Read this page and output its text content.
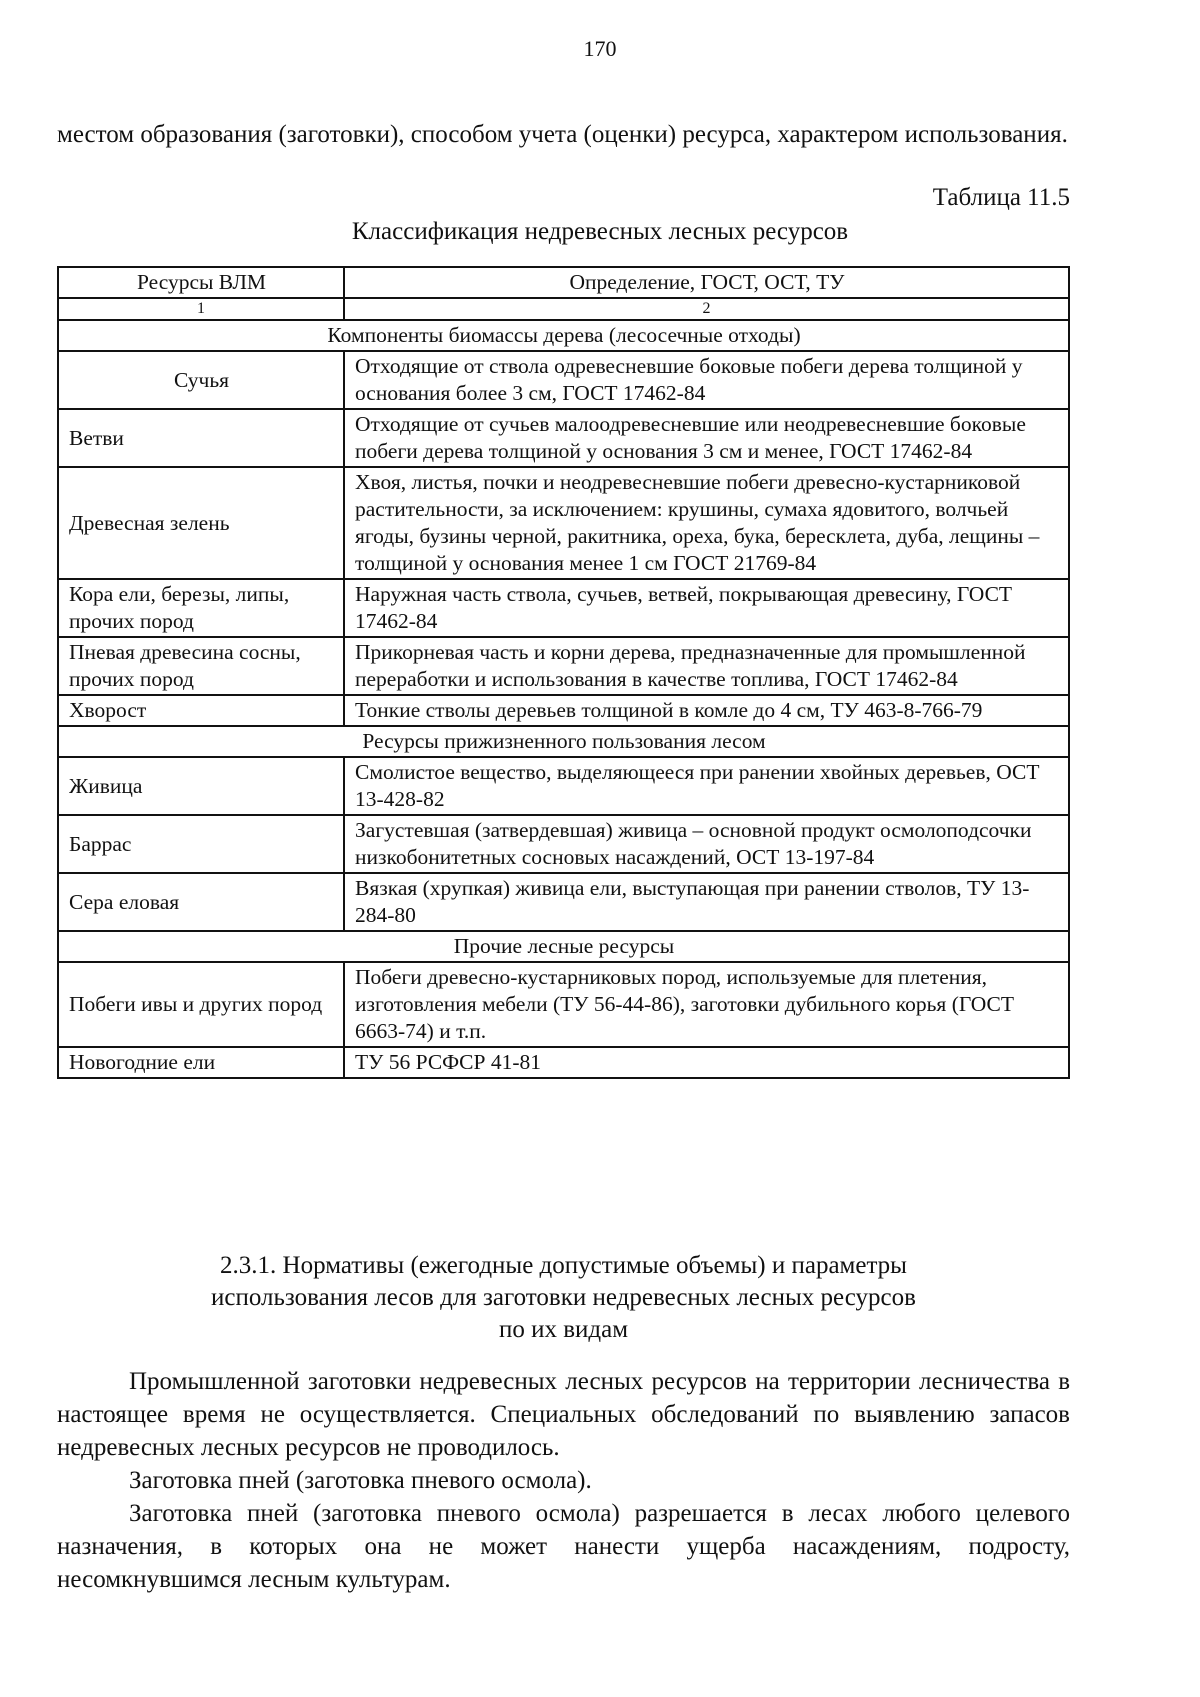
170
местом образования (заготовки), способом учета (оценки) ресурса, характером использования.
Таблица 11.5
Классификация недревесных лесных ресурсов
Ресурсы ВЛМ	Определение, ГОСТ, ОСТ, ТУ
1	2
Компоненты биомассы дерева (лесосечные отходы)	
Сучья	Отходящие от ствола одревесневшие боковые побеги дерева толщиной у основания более 3 см, ГОСТ 17462-84
Ветви	Отходящие от сучьев малоодревесневшие или неодревесневшие боковые побеги дерева толщиной у основания 3 см и менее, ГОСТ 17462-84
Древесная зелень	Хвоя, листья, почки и неодревесневшие побеги древесно-кустарниковой растительности, за исключением: крушины, сумаха ядовитого, волчьей ягоды, бузины черной, ракитника, ореха, бука, бересклета, дуба, лещины – толщиной у основания менее 1 см ГОСТ 21769-84
Кора ели, березы, липы, прочих пород	Наружная часть ствола, сучьев, ветвей, покрывающая древесину, ГОСТ 17462-84
Пневая древесина сосны, прочих пород	Прикорневая часть и корни дерева, предназначенные для промышленной переработки и использования в качестве топлива, ГОСТ 17462-84
Хворост	Тонкие стволы деревьев толщиной в комле до 4 см, ТУ 463-8-766-79
Ресурсы прижизненного пользования лесом	
Живица	Смолистое вещество, выделяющееся при ранении хвойных деревьев, ОСТ 13-428-82
Баррас	Загустевшая (затвердевшая) живица – основной продукт осмолоподсочки низкобонитетных сосновых насаждений, ОСТ 13-197-84
Сера еловая	Вязкая (хрупкая) живица ели, выступающая при ранении стволов, ТУ 13-284-80
Прочие лесные ресурсы	
Побеги ивы и других пород	Побеги древесно-кустарниковых пород, используемые для плетения, изготовления мебели (ТУ 56-44-86), заготовки дубильного корья (ГОСТ 6663-74) и т.п.
Новогодние ели	ТУ 56 РСФСР 41-81
2.3.1. Нормативы (ежегодные допустимые объемы) и параметры
использования лесов для заготовки недревесных лесных ресурсов
по их видам

Промышленной заготовки недревесных лесных ресурсов на территории лесничества в настоящее время не осуществляется. Специальных обследований по выявлению запасов недревесных лесных ресурсов не проводилось.

Заготовка пней (заготовка пневого осмола).

Заготовка пней (заготовка пневого осмола) разрешается в лесах любого целевого назначения, в которых она не может нанести ущерба насаждениям, подросту, несомкнувшимся лесным культурам.
